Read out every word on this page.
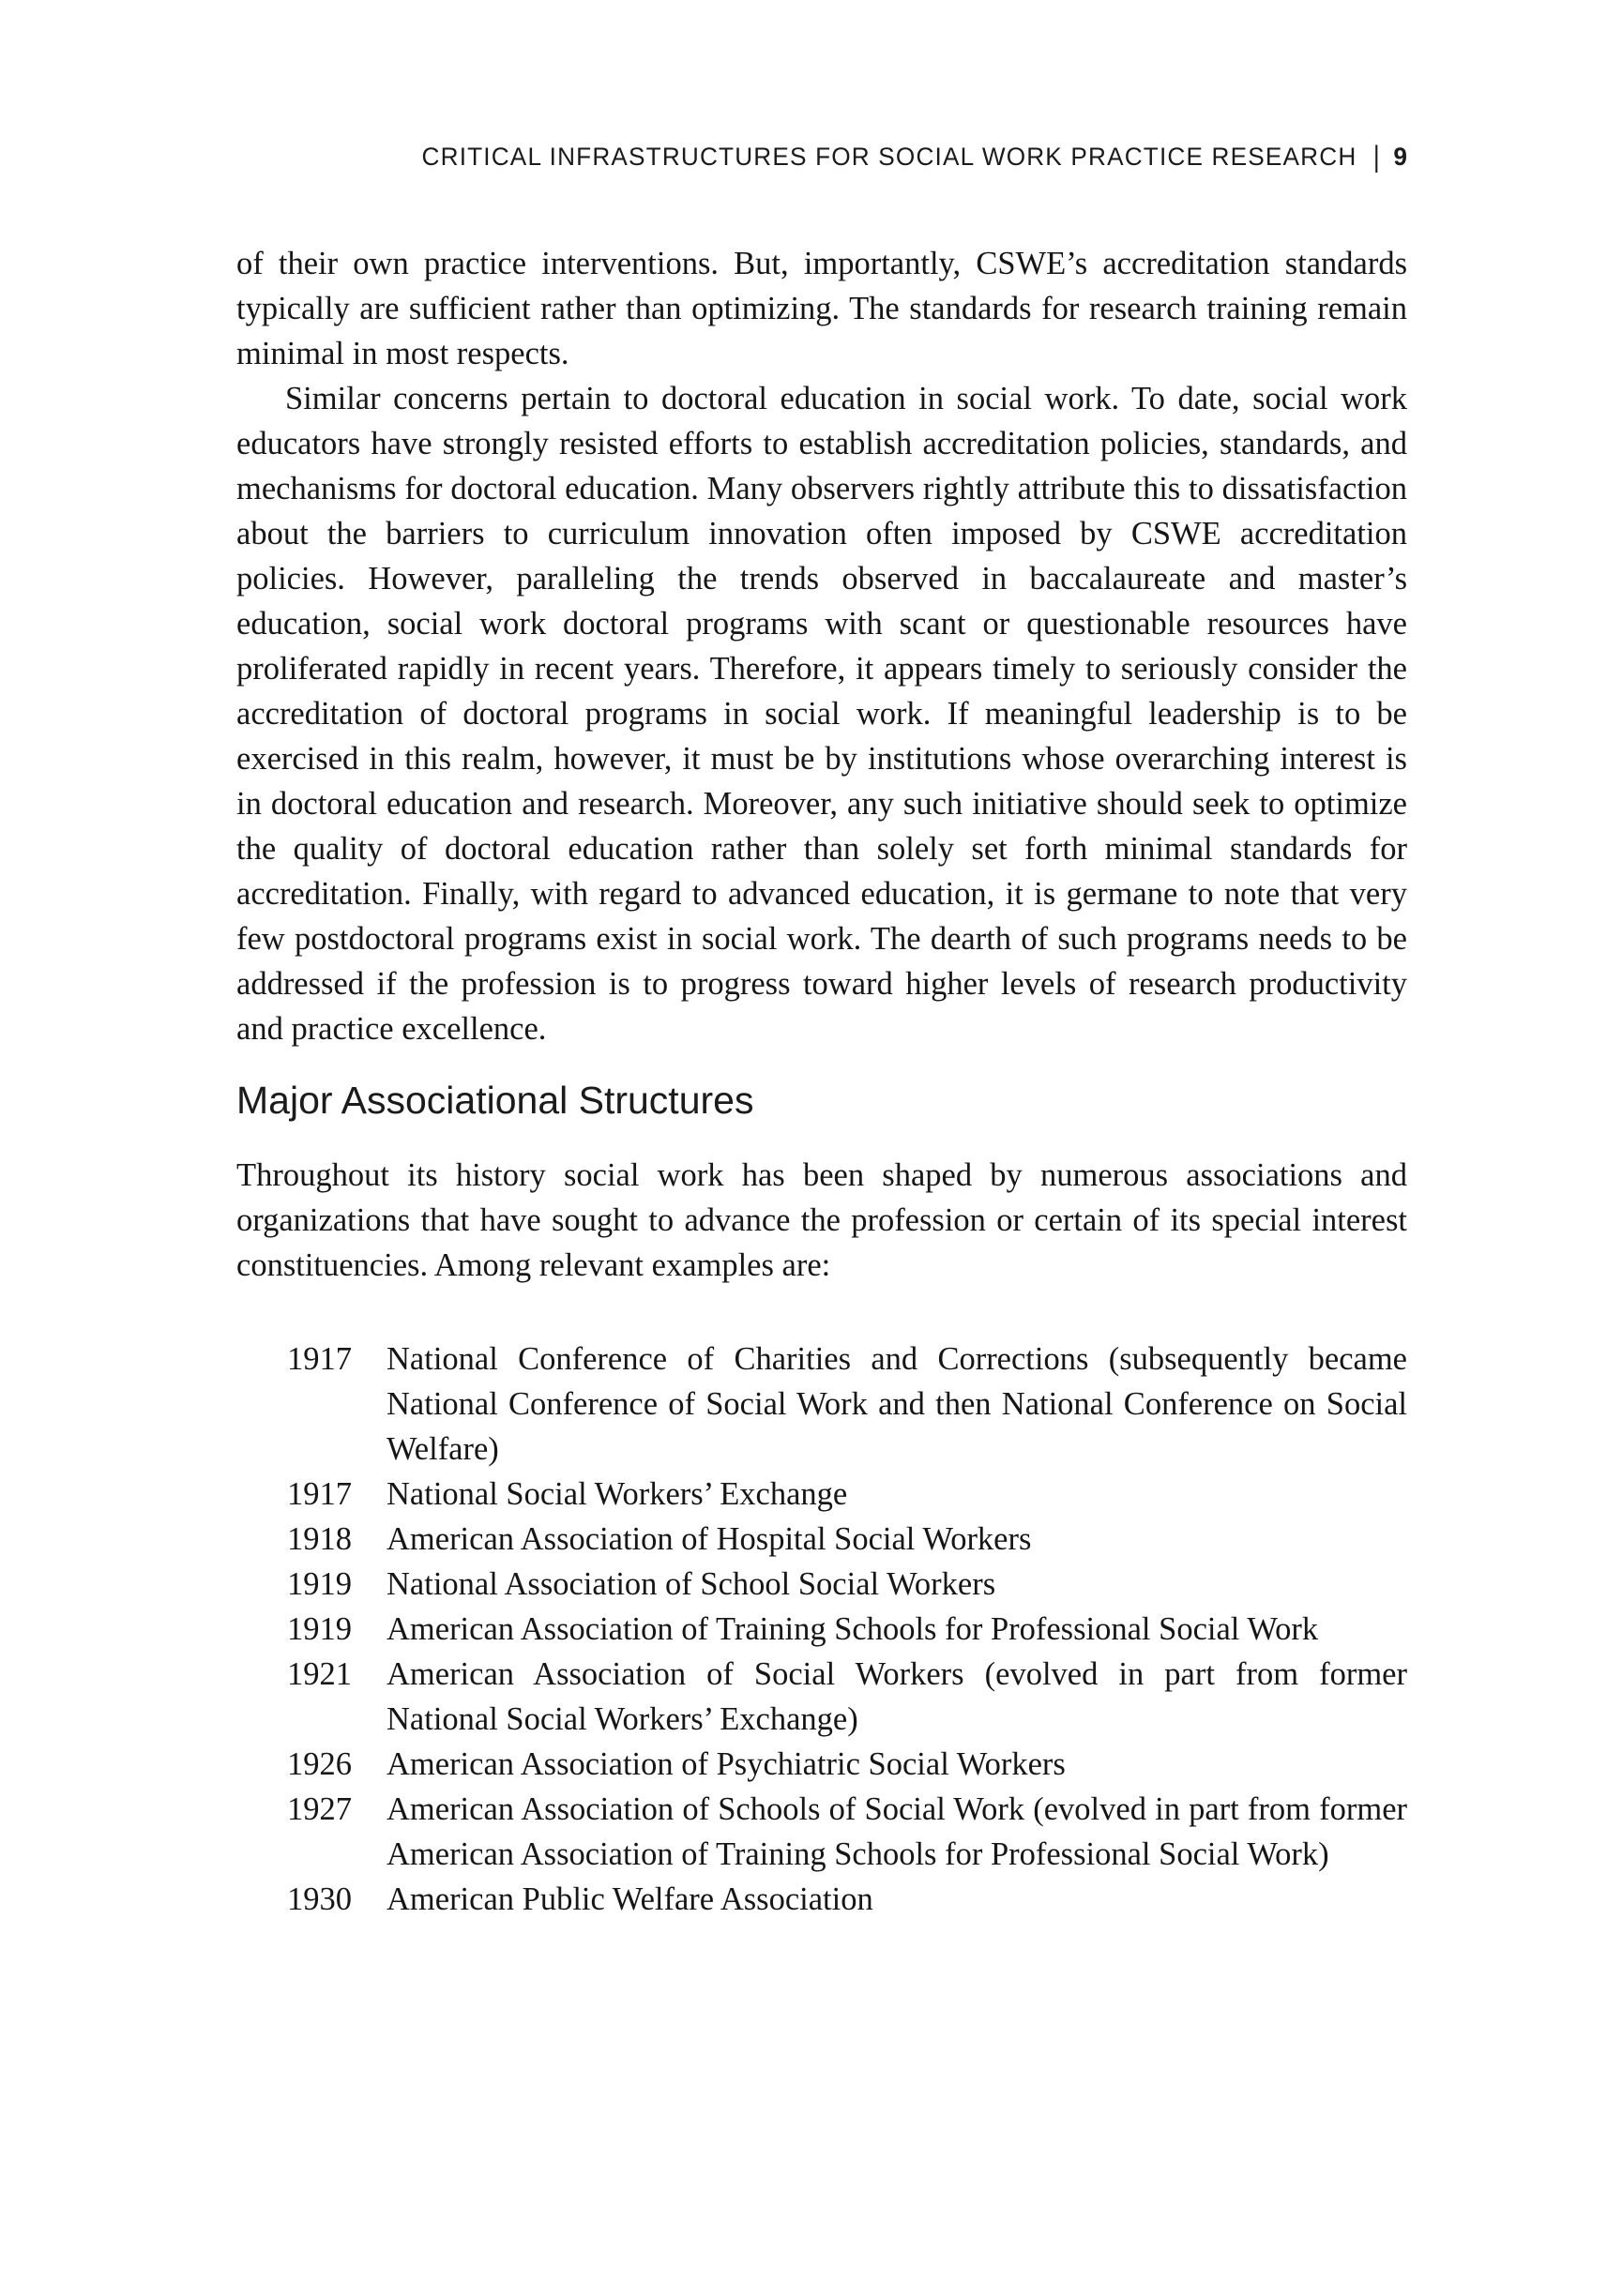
CRITICAL INFRASTRUCTURES FOR SOCIAL WORK PRACTICE RESEARCH | 9

of their own practice interventions. But, importantly, CSWE’s accreditation standards typically are sufficient rather than optimizing. The standards for research training remain minimal in most respects.

Similar concerns pertain to doctoral education in social work. To date, social work educators have strongly resisted efforts to establish accreditation policies, standards, and mechanisms for doctoral education. Many observers rightly attribute this to dissatisfaction about the barriers to curriculum innovation often imposed by CSWE accreditation policies. However, paralleling the trends observed in baccalaureate and master’s education, social work doctoral programs with scant or questionable resources have proliferated rapidly in recent years. Therefore, it appears timely to seriously consider the accreditation of doctoral programs in social work. If meaningful leadership is to be exercised in this realm, however, it must be by institutions whose overarching interest is in doctoral education and research. Moreover, any such initiative should seek to optimize the quality of doctoral education rather than solely set forth minimal standards for accreditation. Finally, with regard to advanced education, it is germane to note that very few postdoctoral programs exist in social work. The dearth of such programs needs to be addressed if the profession is to progress toward higher levels of research productivity and practice excellence.

Major Associational Structures

Throughout its history social work has been shaped by numerous associations and organizations that have sought to advance the profession or certain of its special interest constituencies. Among relevant examples are:

1917 National Conference of Charities and Corrections (subsequently became National Conference of Social Work and then National Conference on Social Welfare)
1917 National Social Workers’ Exchange
1918 American Association of Hospital Social Workers
1919 National Association of School Social Workers
1919 American Association of Training Schools for Professional Social Work
1921 American Association of Social Workers (evolved in part from former National Social Workers’ Exchange)
1926 American Association of Psychiatric Social Workers
1927 American Association of Schools of Social Work (evolved in part from former American Association of Training Schools for Professional Social Work)
1930 American Public Welfare Association
